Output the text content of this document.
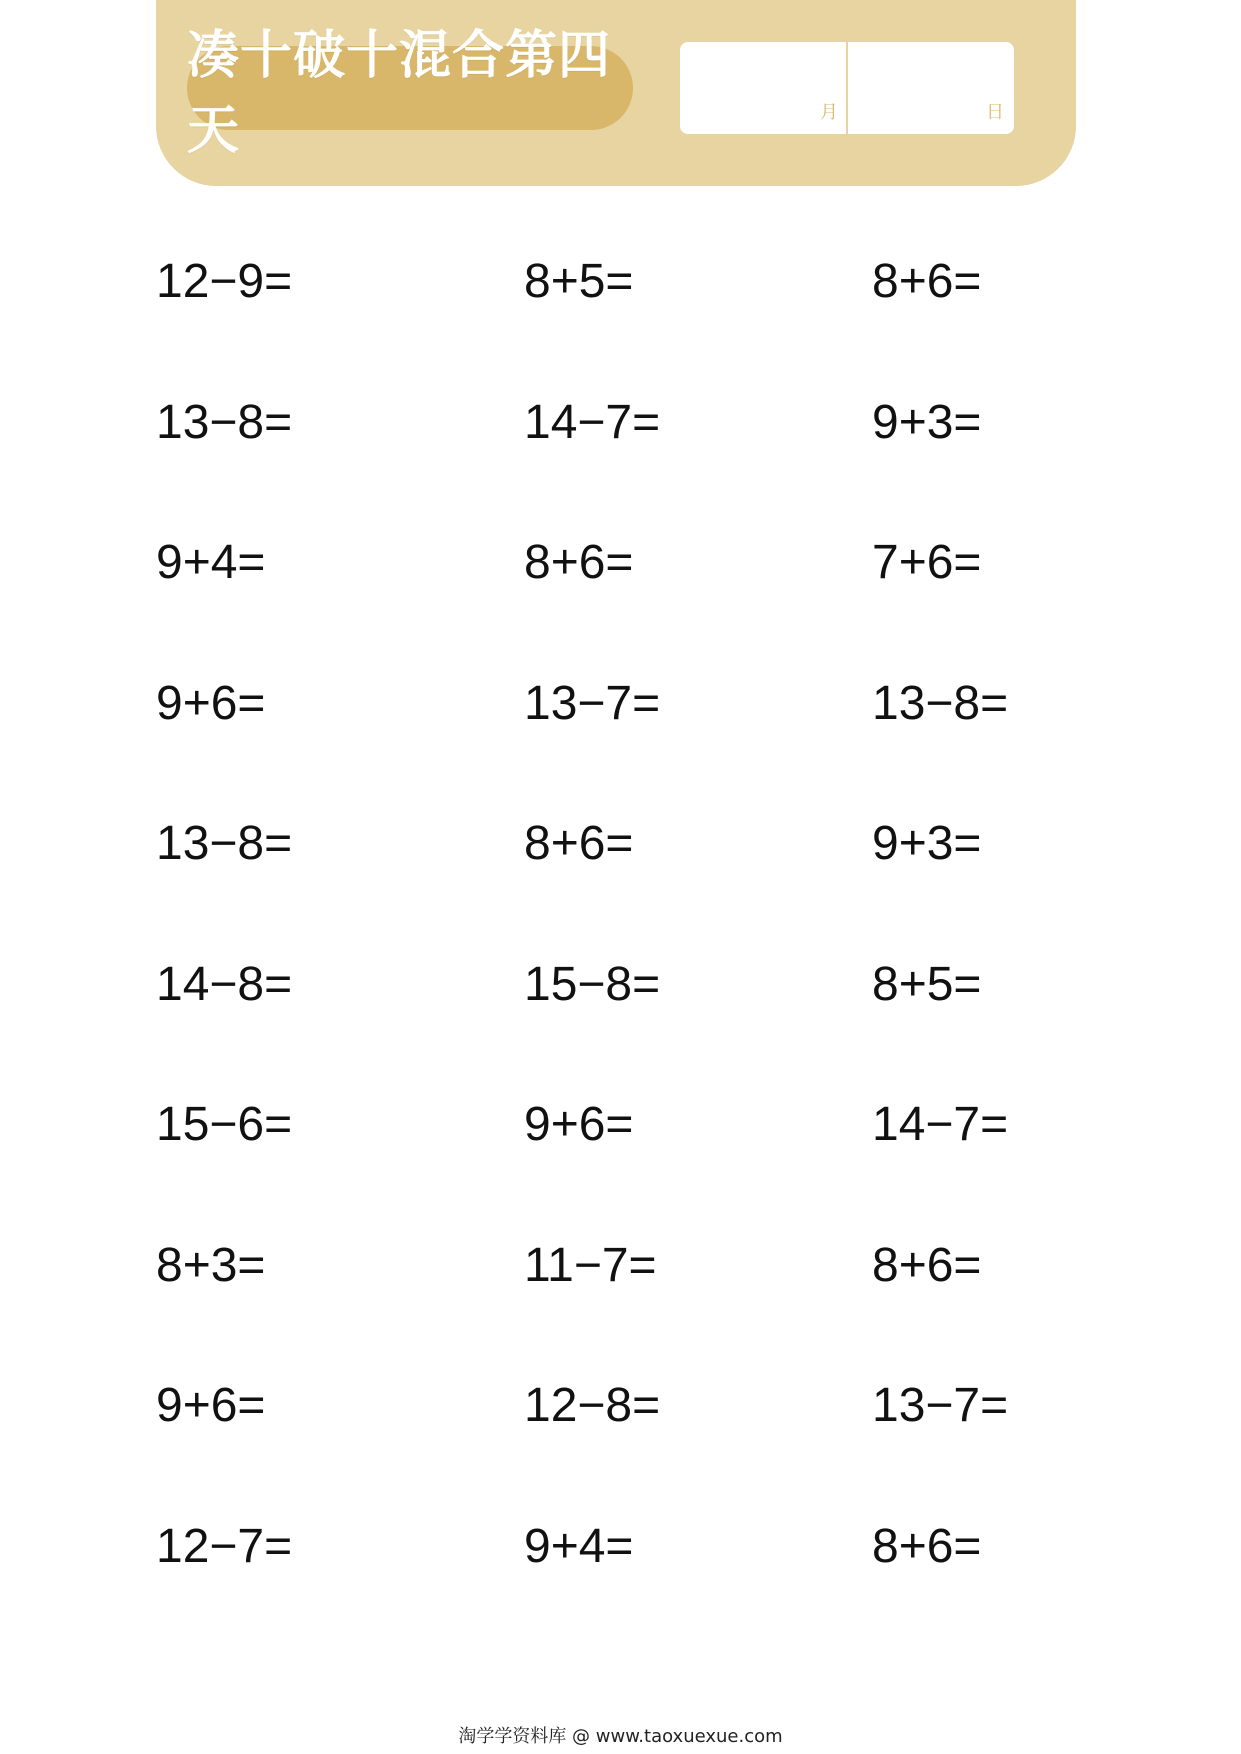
凑十破十混合第四天	月	日
12−9=	8+5=	8+6=
13−8=	14−7=	9+3=
9+4=	8+6=	7+6=
9+6=	13−7=	13−8=
13−8=	8+6=	9+3=
14−8=	15−8=	8+5=
15−6=	9+6=	14−7=
8+3=	11−7=	8+6=
9+6=	12−8=	13−7=
12−7=	9+4=	8+6=
淘学学资料库 @ www.taoxuexue.com
